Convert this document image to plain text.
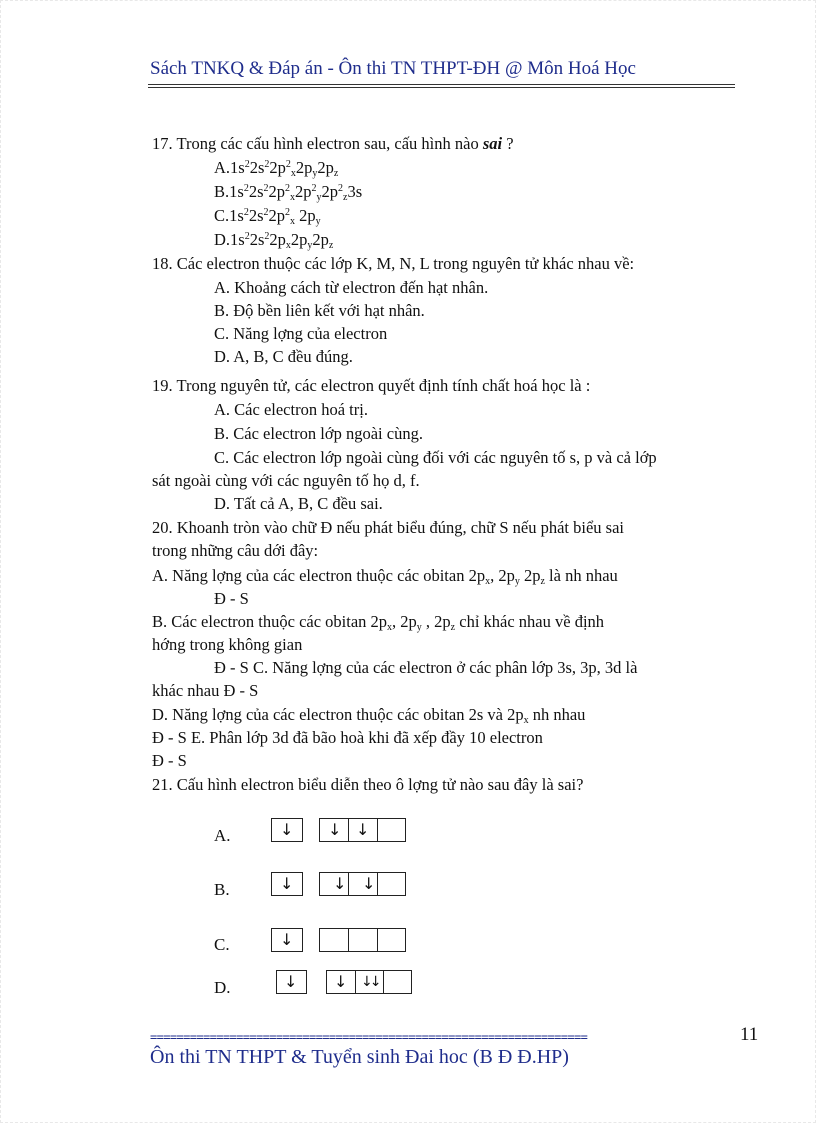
Sách TNKQ & Đáp án - Ôn thi TN THPT-ĐH @ Môn Hoá Học
17. Trong các cấu hình electron sau, cấu hình nào sai ?
$A.1s^22s^22p^2_x2p_y2p_z$
$B.1s^22s^22p^2_x2p^2_y2p^2_z3s$
$C.1s^22s^22p^2_x$ $2p_y$
$D.1s^22s^22p_x2p_y2p_z$
18. Các electron thuộc các lớp K, M, N, L trong nguyên tử khác nhau về:
A. Khoảng cách từ electron đến hạt nhân.
B. Độ bền liên kết với hạt nhân.
C. Năng lợng của electron
D. A, B, C đều đúng.
19. Trong nguyên tử, các electron quyết định tính chất hoá học là :
A. Các electron hoá trị.
B. Các electron lớp ngoài cùng.
C. Các electron lớp ngoài cùng đối với các nguyên tố s, p và cả lớp
sát ngoài cùng với các nguyên tố họ d, f.
D. Tất cả A, B, C đều sai.
20. Khoanh tròn vào chữ Đ nếu phát biểu đúng, chữ S nếu phát biểu sai
trong những câu dới đây:
A. Năng lợng của các electron thuộc các obitan $2p_x$, $2p_y$ $2p_z$ là nh nhau
Đ - S
B. Các electron thuộc các obitan $2p_x$, $2p_y$ , $2p_z$ chỉ khác nhau về định
hớng trong không gian
Đ - S C. Năng lợng của các electron ở các phân lớp 3s, 3p, 3d là
khác nhau Đ - S
D. Năng lợng của các electron thuộc các obitan 2s và $2p_x$ nh nhau
Đ - S E. Phân lớp 3d đã bão hoà khi đã xếp đầy 10 electron
Đ - S
21. Cấu hình electron biểu diễn theo ô lợng tử nào sau đây là sai?
A.	↓ ↓ ↓
B.	↓ ↓ ↓
C.	↓
D.	↓ ↓ ↓↓
==================================================================	11
Ôn thi TN THPT & Tuyển sinh Đai hoc (B Đ Đ.HP)
